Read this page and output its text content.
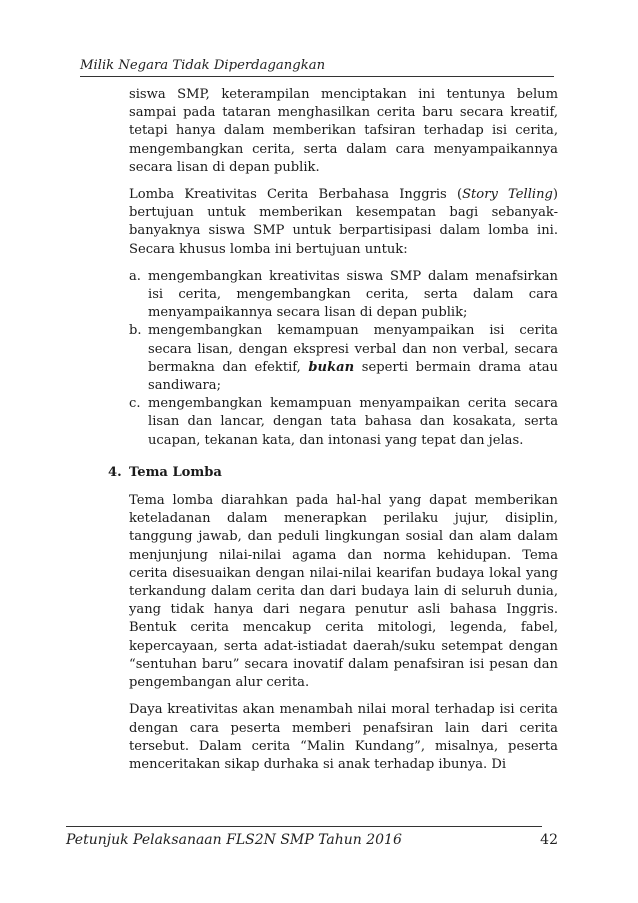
Milik Negara Tidak Diperdagangkan

siswa SMP, keterampilan menciptakan ini tentunya belum sampai pada tataran menghasilkan cerita baru secara kreatif, tetapi hanya dalam memberikan tafsiran terhadap isi cerita, mengembangkan cerita, serta dalam cara menyampaikannya secara lisan di depan publik.

Lomba Kreativitas Cerita Berbahasa Inggris (Story Telling) bertujuan untuk memberikan kesempatan bagi sebanyak-banyaknya siswa SMP untuk berpartisipasi dalam lomba ini. Secara khusus lomba ini bertujuan untuk:

a. mengembangkan kreativitas siswa SMP dalam menafsirkan isi cerita, mengembangkan cerita, serta dalam cara menyampaikannya secara lisan di depan publik;
b. mengembangkan kemampuan menyampaikan isi cerita secara lisan, dengan ekspresi verbal dan non verbal, secara bermakna dan efektif, bukan seperti bermain drama atau sandiwara;
c. mengembangkan kemampuan menyampaikan cerita secara lisan dan lancar, dengan tata bahasa dan kosakata, serta ucapan, tekanan kata, dan intonasi yang tepat dan jelas.
4. Tema Lomba

Tema lomba diarahkan pada hal-hal yang dapat memberikan keteladanan dalam menerapkan perilaku jujur, disiplin, tanggung jawab, dan peduli lingkungan sosial dan alam dalam menjunjung nilai-nilai agama dan norma kehidupan. Tema cerita disesuaikan dengan nilai-nilai kearifan budaya lokal yang terkandung dalam cerita dan dari budaya lain di seluruh dunia, yang tidak hanya dari negara penutur asli bahasa Inggris. Bentuk cerita mencakup cerita mitologi, legenda, fabel, kepercayaan, serta adat-istiadat daerah/suku setempat dengan “sentuhan baru” secara inovatif dalam penafsiran isi pesan dan pengembangan alur cerita.

Daya kreativitas akan menambah nilai moral terhadap isi cerita dengan cara peserta memberi penafsiran lain dari cerita tersebut. Dalam cerita “Malin Kundang”, misalnya, peserta menceritakan sikap durhaka si anak terhadap ibunya. Di

Petunjuk Pelaksanaan FLS2N SMP Tahun 2016	42
